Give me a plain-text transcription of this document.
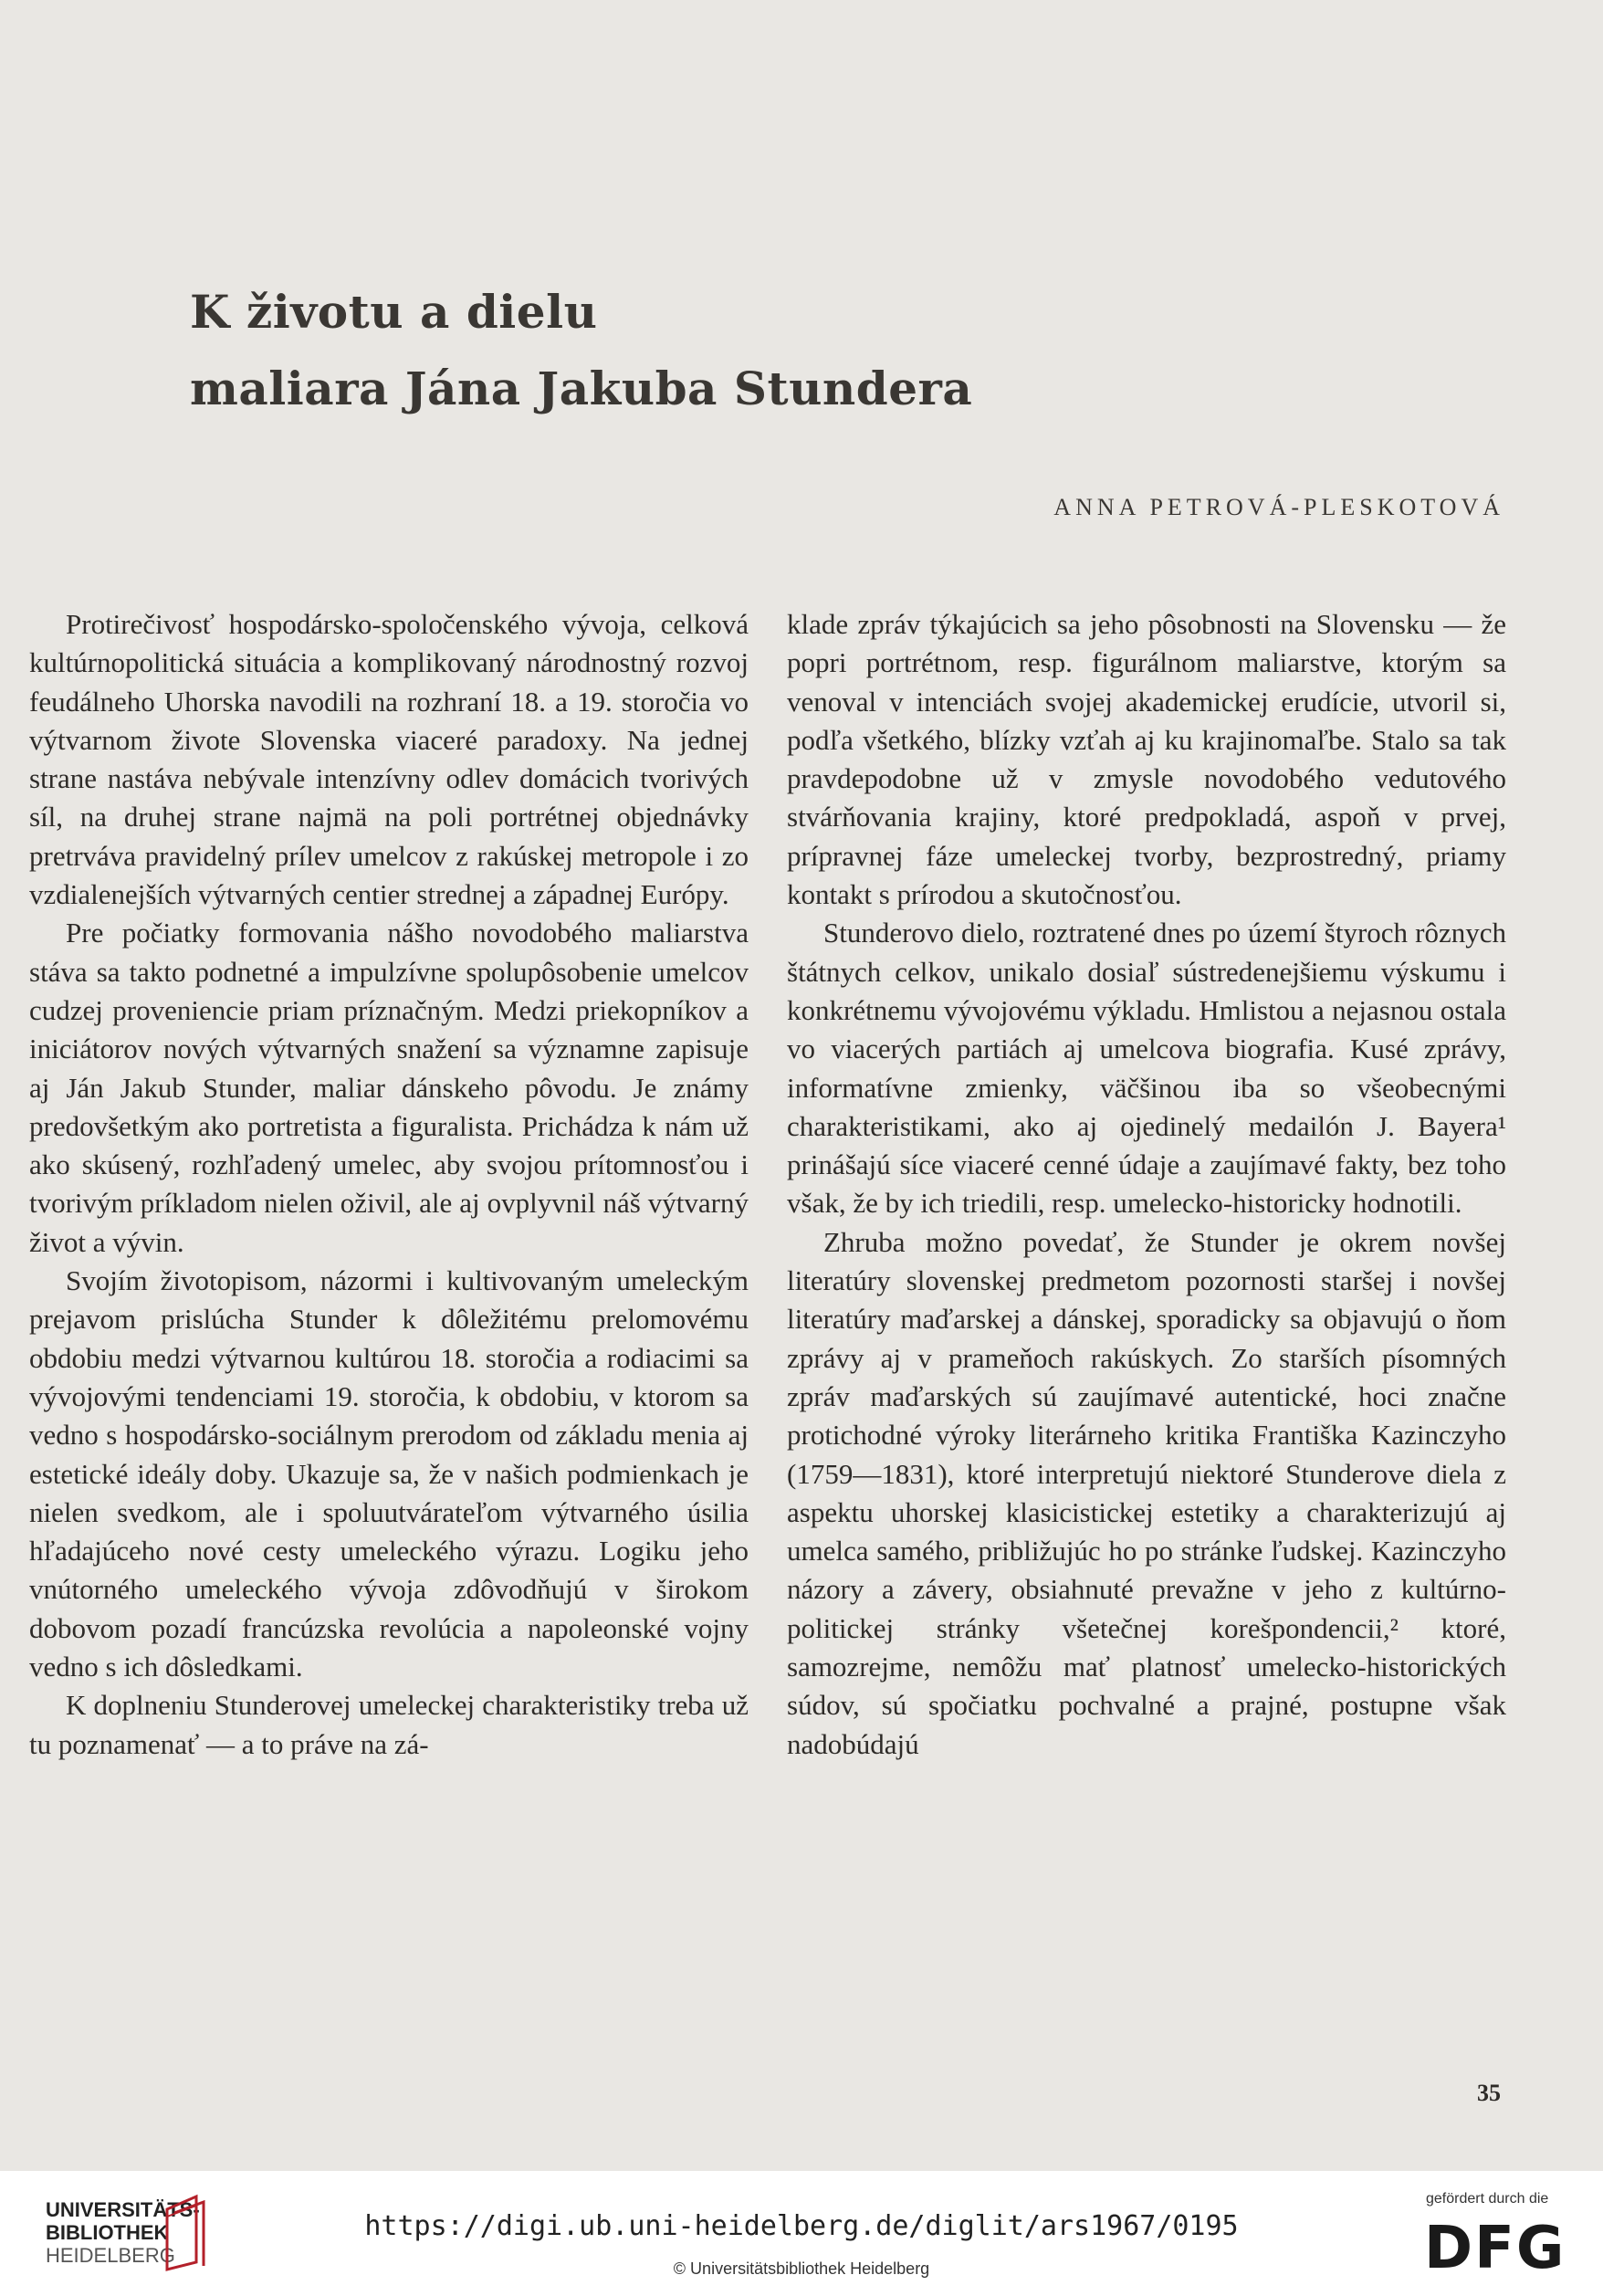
K životu a dielu
maliara Jána Jakuba Stundera
ANNA PETROVÁ-PLESKOTOVÁ

Protirečivosť hospodársko-spoločenského vývoja, celková kultúrnopolitická situácia a komplikovaný národnostný rozvoj feudálneho Uhorska navodili na rozhraní 18. a 19. storočia vo výtvarnom živote Slovenska viaceré paradoxy. Na jednej strane nastáva nebývale intenzívny odlev domácich tvorivých síl, na druhej strane najmä na poli portrétnej objednávky pretrváva pravidelný prílev umelcov z rakúskej metropole i zo vzdialenejších výtvarných centier strednej a západnej Európy.

Pre počiatky formovania nášho novodobého maliarstva stáva sa takto podnetné a impulzívne spolupôsobenie umelcov cudzej proveniencie priam príznačným. Medzi priekopníkov a iniciátorov nových výtvarných snažení sa významne zapisuje aj Ján Jakub Stunder, maliar dánskeho pôvodu. Je známy predovšetkým ako portretista a figuralista. Prichádza k nám už ako skúsený, rozhľadený umelec, aby svojou prítomnosťou i tvorivým príkladom nielen oživil, ale aj ovplyvnil náš výtvarný život a vývin.

Svojím životopisom, názormi i kultivovaným umeleckým prejavom prislúcha Stunder k dôležitému prelomovému obdobiu medzi výtvarnou kultúrou 18. storočia a rodiacimi sa vývojovými tendenciami 19. storočia, k obdobiu, v ktorom sa vedno s hospodársko-sociálnym prerodom od základu menia aj estetické ideály doby. Ukazuje sa, že v našich podmienkach je nielen svedkom, ale i spoluutvárateľom výtvarného úsilia hľadajúceho nové cesty umeleckého výrazu. Logiku jeho vnútorného umeleckého vývoja zdôvodňujú v širokom dobovom pozadí francúzska revolúcia a napoleonské vojny vedno s ich dôsledkami.

K doplneniu Stunderovej umeleckej charakteristiky treba už tu poznamenať — a to práve na zá-

klade zpráv týkajúcich sa jeho pôsobnosti na Slovensku — že popri portrétnom, resp. figurálnom maliarstve, ktorým sa venoval v intenciách svojej akademickej erudície, utvoril si, podľa všetkého, blízky vzťah aj ku krajinomaľbe. Stalo sa tak pravdepodobne už v zmysle novodobého vedutového stvárňovania krajiny, ktoré predpokladá, aspoň v prvej, prípravnej fáze umeleckej tvorby, bezprostredný, priamy kontakt s prírodou a skutočnosťou.

Stunderovo dielo, roztratené dnes po území štyroch rôznych štátnych celkov, unikalo dosiaľ sústredenejšiemu výskumu i konkrétnemu vývojovému výkladu. Hmlistou a nejasnou ostala vo viacerých partiách aj umelcova biografia. Kusé zprávy, informatívne zmienky, väčšinou iba so všeobecnými charakteristikami, ako aj ojedinelý medailón J. Bayera¹ prinášajú síce viaceré cenné údaje a zaujímavé fakty, bez toho však, že by ich triedili, resp. umelecko-historicky hodnotili.

Zhruba možno povedať, že Stunder je okrem novšej literatúry slovenskej predmetom pozornosti staršej i novšej literatúry maďarskej a dánskej, sporadicky sa objavujú o ňom zprávy aj v prameňoch rakúskych. Zo starších písomných zpráv maďarských sú zaujímavé autentické, hoci značne protichodné výroky literárneho kritika Františka Kazinczyho (1759—1831), ktoré interpretujú niektoré Stunderove diela z aspektu uhorskej klasicistickej estetiky a charakterizujú aj umelca samého, približujúc ho po stránke ľudskej. Kazinczyho názory a závery, obsiahnuté prevažne v jeho z kultúrno-politickej stránky všetečnej korešpondencii,² ktoré, samozrejme, nemôžu mať platnosť umelecko-historických súdov, sú spočiatku pochvalné a prajné, postupne však nadobúdajú

35
UNIVERSITÄTS-
BIBLIOTHEK
HEIDELBERG
https://digi.ub.uni-heidelberg.de/diglit/ars1967/0195
© Universitätsbibliothek Heidelberg
gefördert durch die
DFG
